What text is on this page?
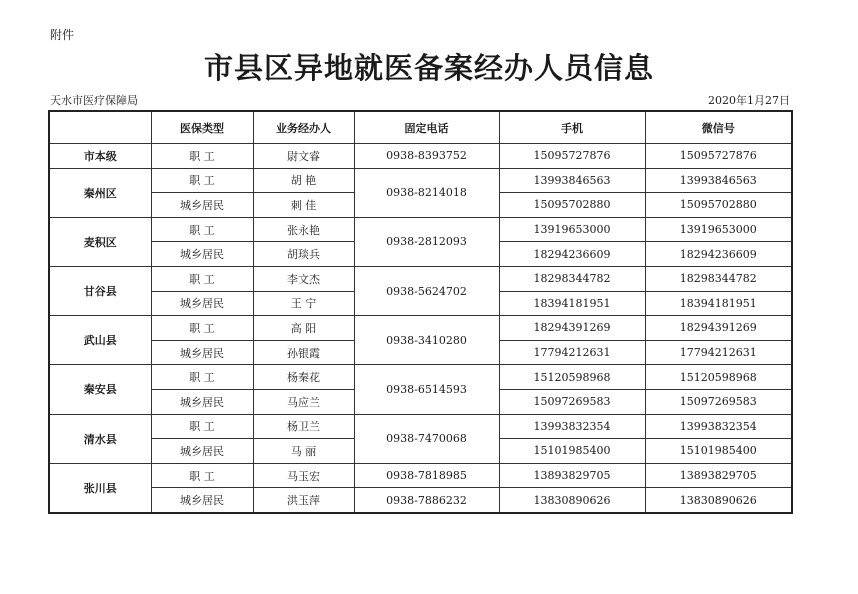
附件
市县区异地就医备案经办人员信息
天水市医疗保障局	2020年1月27日
	医保类型	业务经办人	固定电话	手机	微信号
市本级	职 工	尉文睿	0938-8393752	15095727876	15095727876
秦州区	职 工	胡 艳	0938-8214018	13993846563	13993846563
	城乡居民	刺 佳		15095702880	15095702880
麦积区	职 工	张永艳	0938-2812093	13919653000	13919653000
	城乡居民	胡琰兵		18294236609	18294236609
甘谷县	职 工	李文杰	0938-5624702	18298344782	18298344782
	城乡居民	王 宁		18394181951	18394181951
武山县	职 工	高 阳	0938-3410280	18294391269	18294391269
	城乡居民	孙银霞		17794212631	17794212631
秦安县	职 工	杨秦花	0938-6514593	15120598968	15120598968
	城乡居民	马应兰		15097269583	15097269583
清水县	职 工	杨卫兰	0938-7470068	13993832354	13993832354
	城乡居民	马 丽		15101985400	15101985400
张川县	职 工	马玉宏	0938-7818985	13893829705	13893829705
	城乡居民	洪玉萍	0938-7886232	13830890626	13830890626
